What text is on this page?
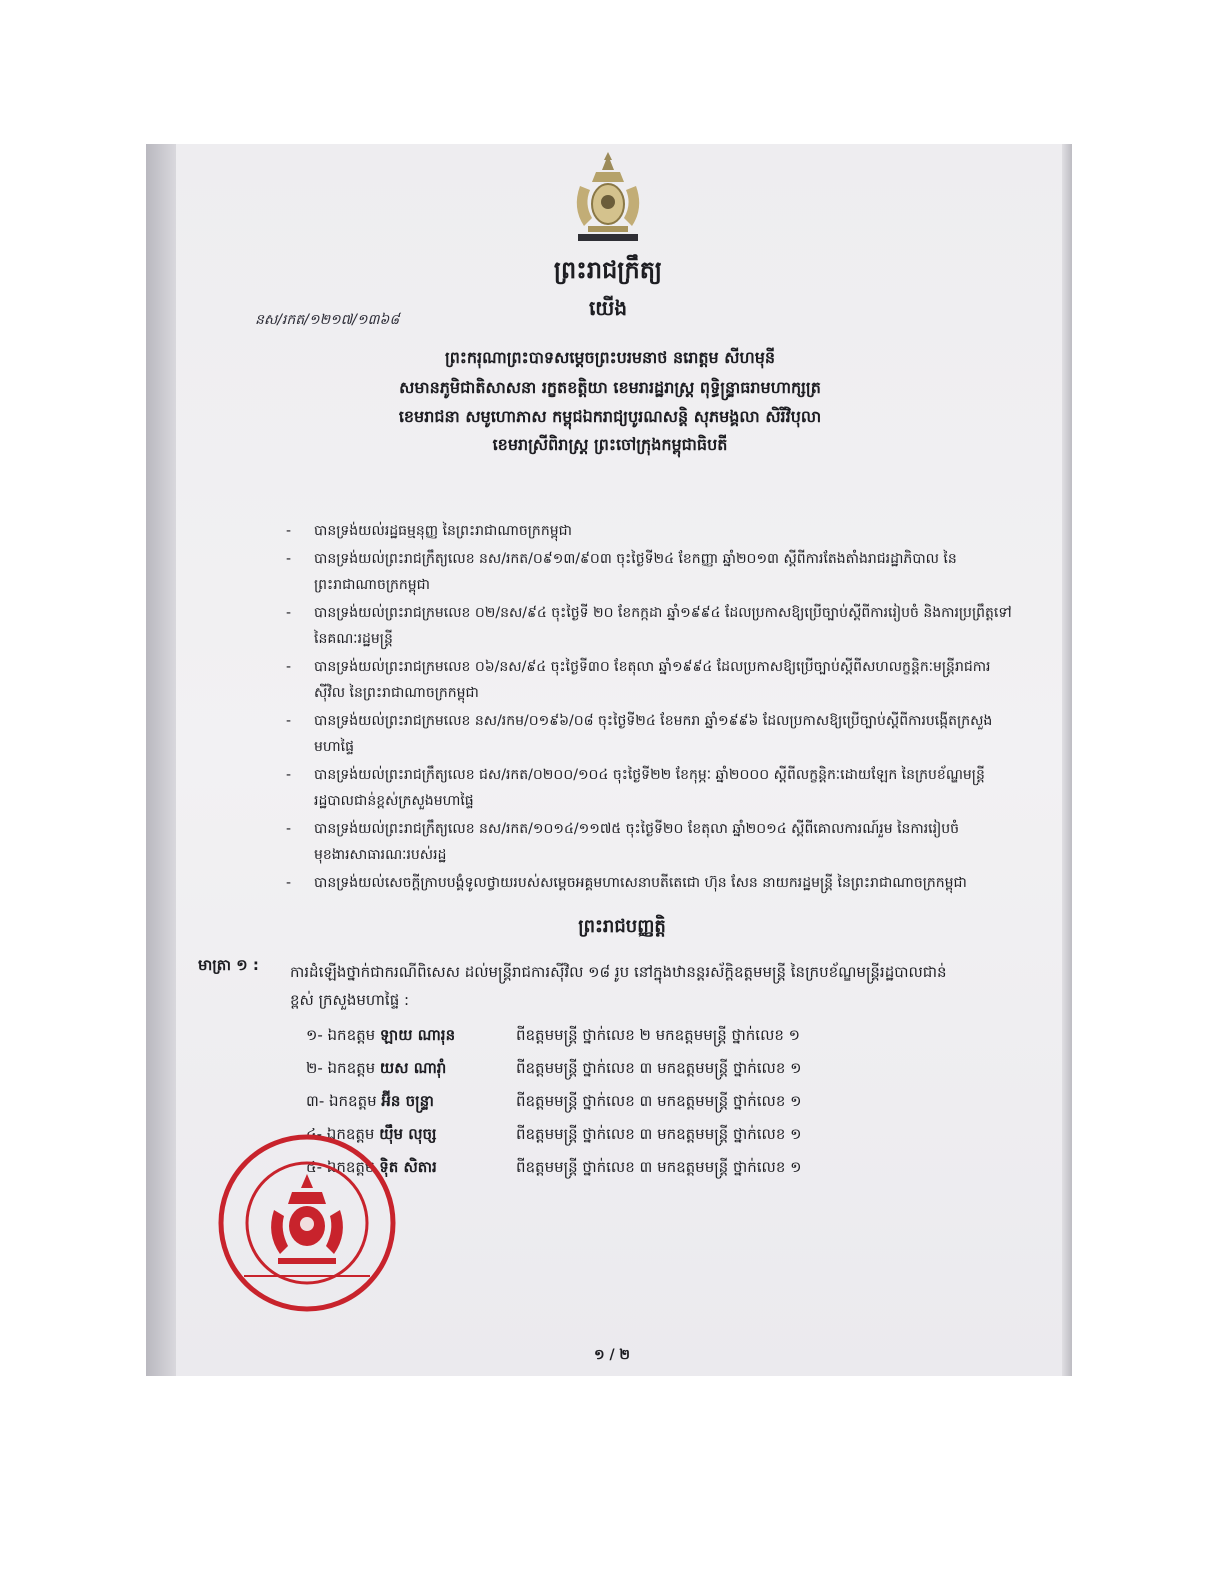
ព្រះរាជក្រឹត្យ
យើង
នស/រកត/១២១៧/១៣៦៨
ព្រះករុណាព្រះបាទសម្តេចព្រះបរមនាថ នរោត្តម សីហមុនី
សមានភូមិជាតិសាសនា រក្ខតខត្តិយា ខេមរារដ្ឋរាស្ត្រ ពុទ្ធិន្ទ្រាធរាមហាក្សត្រ
ខេមរាជនា សមូហោភាស កម្ពុជឯករាជ្យបូរណសន្តិ សុភមង្គលា សិរីវិបុលា
ខេមរាស្រីពិរាស្ត្រ ព្រះចៅក្រុងកម្ពុជាធិបតី
- បានទ្រង់យល់រដ្ឋធម្មនុញ្ញ នៃព្រះរាជាណាចក្រកម្ពុជា
- បានទ្រង់យល់ព្រះរាជក្រឹត្យលេខ នស/រកត/០៩១៣/៩០៣ ចុះថ្ងៃទី២៤ ខែកញ្ញា ឆ្នាំ២០១៣ ស្តីពីការតែងតាំងរាជរដ្ឋាភិបាល នៃព្រះរាជាណាចក្រកម្ពុជា
- បានទ្រង់យល់ព្រះរាជក្រមលេខ ០២/នស/៩៤ ចុះថ្ងៃទី ២០ ខែកក្កដា ឆ្នាំ១៩៩៤ ដែលប្រកាសឱ្យប្រើច្បាប់ស្តីពីការរៀបចំ និងការប្រព្រឹត្តទៅនៃគណៈរដ្ឋមន្ត្រី
- បានទ្រង់យល់ព្រះរាជក្រមលេខ ០៦/នស/៩៤ ចុះថ្ងៃទី៣០ ខែតុលា ឆ្នាំ១៩៩៤ ដែលប្រកាសឱ្យប្រើច្បាប់ស្តីពីសហលក្ខន្តិកៈមន្ត្រីរាជការស៊ីវិល នៃព្រះរាជាណាចក្រកម្ពុជា
- បានទ្រង់យល់ព្រះរាជក្រមលេខ នស/រកម/០១៩៦/០៨ ចុះថ្ងៃទី២៤ ខែមករា ឆ្នាំ១៩៩៦ ដែលប្រកាសឱ្យប្រើច្បាប់ស្តីពីការបង្កើតក្រសួងមហាផ្ទៃ
- បានទ្រង់យល់ព្រះរាជក្រឹត្យលេខ ជស/រកត/០២០០/១០៤ ចុះថ្ងៃទី២២ ខែកុម្ភៈ ឆ្នាំ២០០០ ស្តីពីលក្ខន្តិកៈដោយឡែក នៃក្របខ័ណ្ឌមន្ត្រីរដ្ឋបាលជាន់ខ្ពស់ក្រសួងមហាផ្ទៃ
- បានទ្រង់យល់ព្រះរាជក្រឹត្យលេខ នស/រកត/១០១៤/១១៧៥ ចុះថ្ងៃទី២០ ខែតុលា ឆ្នាំ២០១៤ ស្តីពីគោលការណ៍រួម នៃការរៀបចំមុខងារសាធារណៈរបស់រដ្ឋ
- បានទ្រង់យល់សេចក្តីក្រាបបង្គំទូលថ្វាយរបស់សម្តេចអគ្គមហាសេនាបតីតេជោ ហ៊ុន សែន នាយករដ្ឋមន្ត្រី នៃព្រះរាជាណាចក្រកម្ពុជា
ព្រះរាជបញ្ញត្តិ
មាត្រា ១ : ការដំឡើងថ្នាក់ជាករណីពិសេស ដល់មន្ត្រីរាជការស៊ីវិល ១៨ រូប នៅក្នុងឋានន្តរស័ក្តិឧត្តមមន្ត្រី នៃក្របខ័ណ្ឌមន្ត្រីរដ្ឋបាលជាន់ខ្ពស់ ក្រសួងមហាផ្ទៃ :
១- ឯកឧត្តម ឡាយ ណារុន	ពីឧត្តមមន្ត្រី ថ្នាក់លេខ ២ មកឧត្តមមន្ត្រី ថ្នាក់លេខ ១
២- ឯកឧត្តម យស ណារ៉ាំ	ពីឧត្តមមន្ត្រី ថ្នាក់លេខ ៣ មកឧត្តមមន្ត្រី ថ្នាក់លេខ ១
៣- ឯកឧត្តម អ៊ីន ចន្ទ្រា	ពីឧត្តមមន្ត្រី ថ្នាក់លេខ ៣ មកឧត្តមមន្ត្រី ថ្នាក់លេខ ១
៤- ឯកឧត្តម យ៉ឹម លុច្ស	ពីឧត្តមមន្ត្រី ថ្នាក់លេខ ៣ មកឧត្តមមន្ត្រី ថ្នាក់លេខ ១
៥- ឯកឧត្តម ទ៉ិត សិតារ	ពីឧត្តមមន្ត្រី ថ្នាក់លេខ ៣ មកឧត្តមមន្ត្រី ថ្នាក់លេខ ១
១ / ២
